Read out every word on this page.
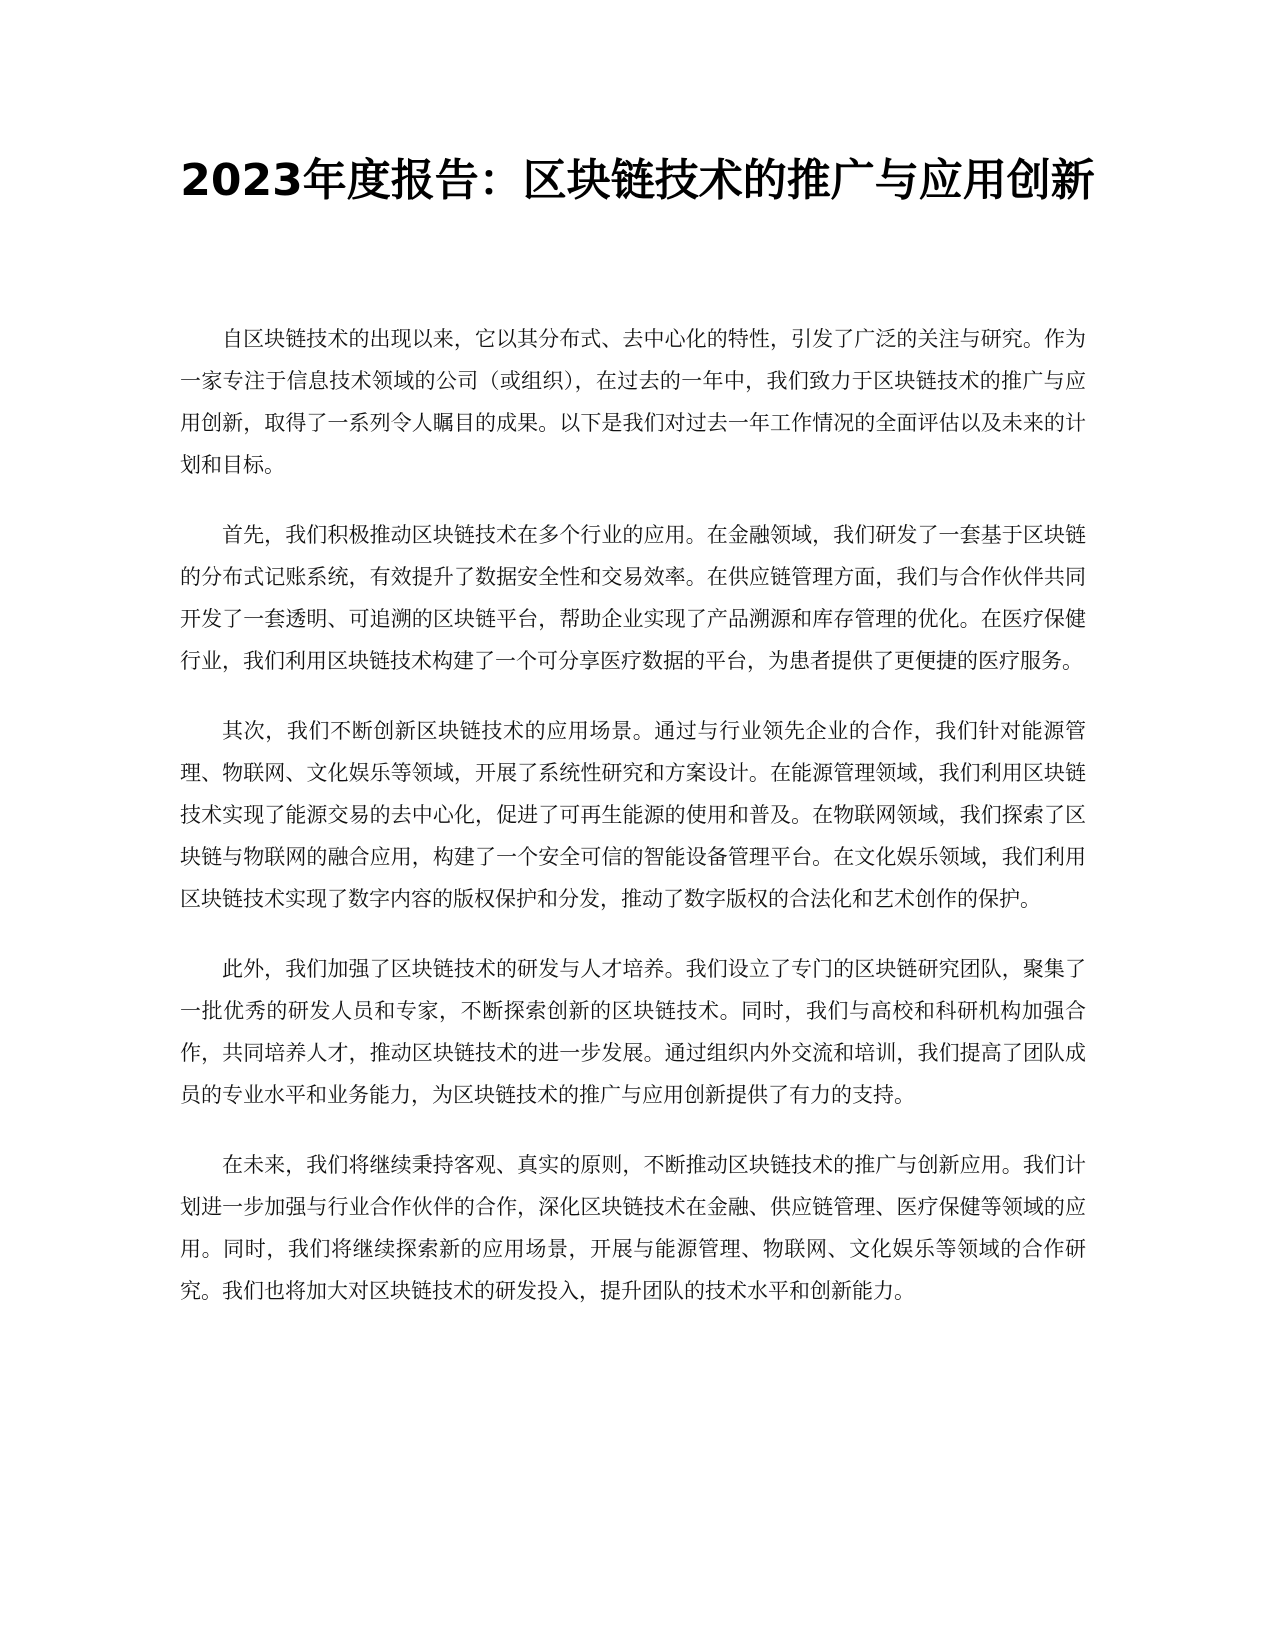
2023年度报告：区块链技术的推广与应用创新

自区块链技术的出现以来，它以其分布式、去中心化的特性，引发了广泛的关注与研究。作为一家专注于信息技术领域的公司（或组织），在过去的一年中，我们致力于区块链技术的推广与应用创新，取得了一系列令人瞩目的成果。以下是我们对过去一年工作情况的全面评估以及未来的计划和目标。

首先，我们积极推动区块链技术在多个行业的应用。在金融领域，我们研发了一套基于区块链的分布式记账系统，有效提升了数据安全性和交易效率。在供应链管理方面，我们与合作伙伴共同开发了一套透明、可追溯的区块链平台，帮助企业实现了产品溯源和库存管理的优化。在医疗保健行业，我们利用区块链技术构建了一个可分享医疗数据的平台，为患者提供了更便捷的医疗服务。

其次，我们不断创新区块链技术的应用场景。通过与行业领先企业的合作，我们针对能源管理、物联网、文化娱乐等领域，开展了系统性研究和方案设计。在能源管理领域，我们利用区块链技术实现了能源交易的去中心化，促进了可再生能源的使用和普及。在物联网领域，我们探索了区块链与物联网的融合应用，构建了一个安全可信的智能设备管理平台。在文化娱乐领域，我们利用区块链技术实现了数字内容的版权保护和分发，推动了数字版权的合法化和艺术创作的保护。

此外，我们加强了区块链技术的研发与人才培养。我们设立了专门的区块链研究团队，聚集了一批优秀的研发人员和专家，不断探索创新的区块链技术。同时，我们与高校和科研机构加强合作，共同培养人才，推动区块链技术的进一步发展。通过组织内外交流和培训，我们提高了团队成员的专业水平和业务能力，为区块链技术的推广与应用创新提供了有力的支持。

在未来，我们将继续秉持客观、真实的原则，不断推动区块链技术的推广与创新应用。我们计划进一步加强与行业合作伙伴的合作，深化区块链技术在金融、供应链管理、医疗保健等领域的应用。同时，我们将继续探索新的应用场景，开展与能源管理、物联网、文化娱乐等领域的合作研究。我们也将加大对区块链技术的研发投入，提升团队的技术水平和创新能力。
